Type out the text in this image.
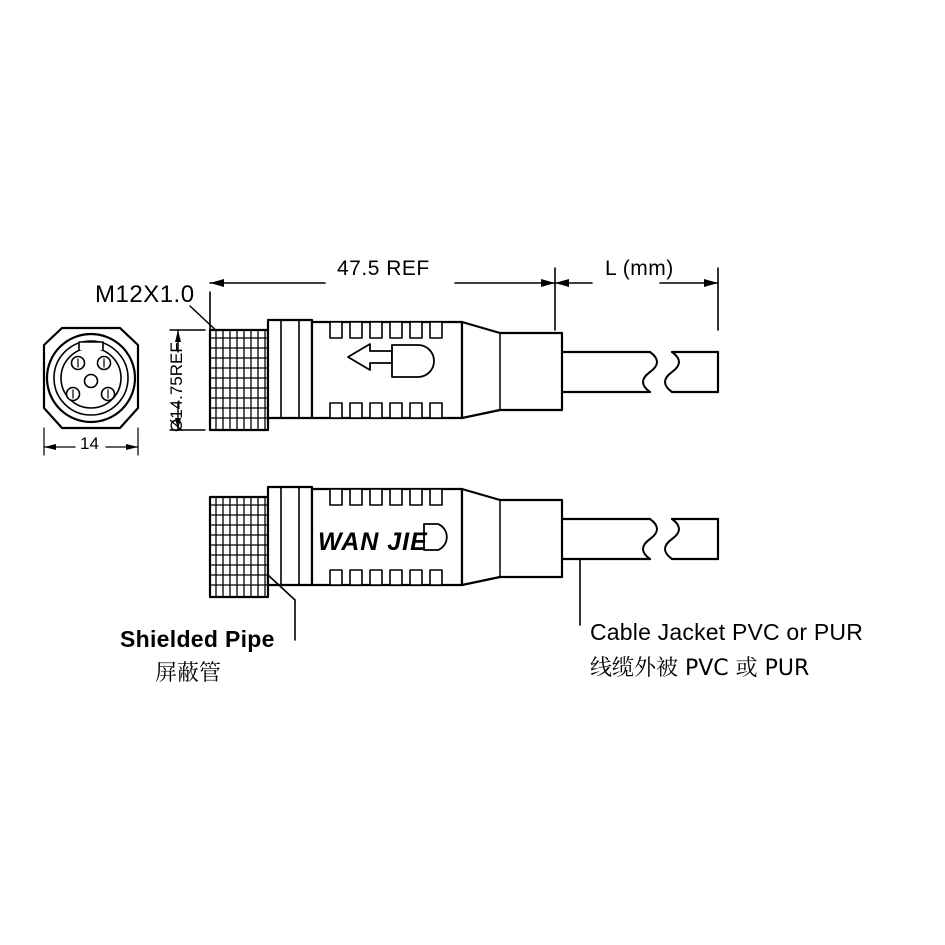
M12X1.0
47.5 REF	L (mm)
Ø14.75REF
14
WAN JIE
Shielded Pipe
屏蔽管
Cable Jacket PVC or PUR
线缆外被 PVC 或 PUR
